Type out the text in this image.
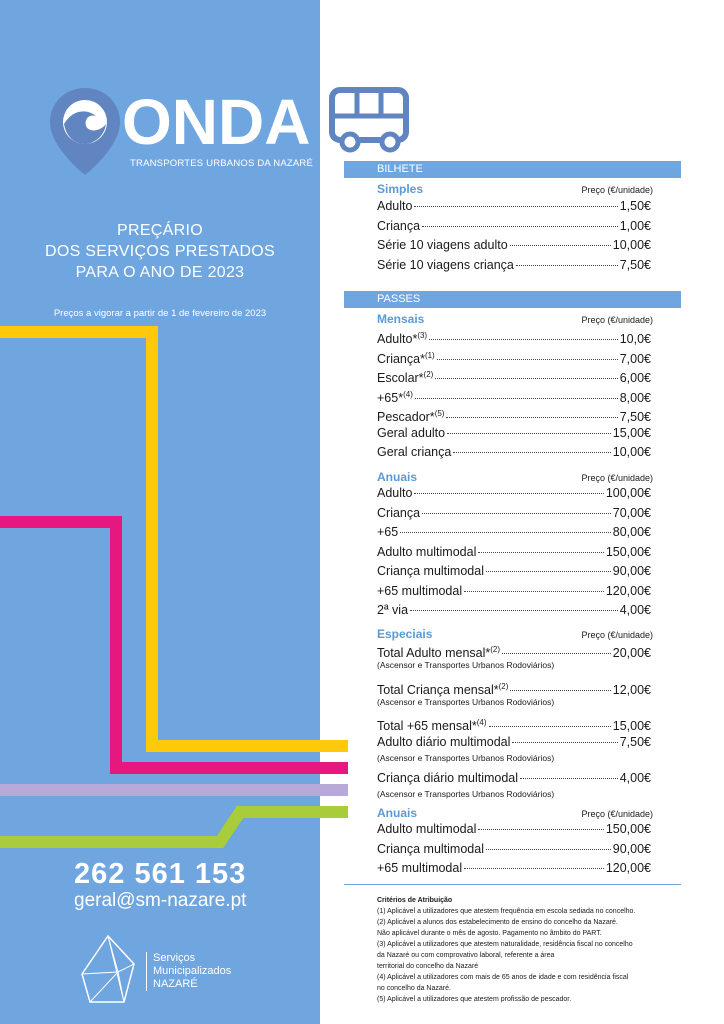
ONDA
TRANSPORTES URBANOS DA NAZARÉ
PREÇÁRIO
DOS SERVIÇOS PRESTADOS
PARA O ANO DE 2023
Preços a vigorar a partir de 1 de fevereiro de 2023
262 561 153
geral@sm-nazare.pt
Serviços
Municipalizados
NAZARÉ
BILHETE
Simples	Preço (€/unidade)
Adulto	1,50€
Criança	1,00€
Série 10 viagens adulto	10,00€
Série 10 viagens criança	7,50€
PASSES
Mensais	Preço (€/unidade)
Adulto*$^{(3)}$	10,0€
Criança*$^{(1)}$	7,00€
Escolar*$^{(2)}$	6,00€
+65*$^{(4)}$	8,00€
Pescador*$^{(5)}$	7,50€
Geral adulto	15,00€
Geral criança	10,00€
Anuais	Preço (€/unidade)
Adulto	100,00€
Criança	70,00€
+65	80,00€
Adulto multimodal	150,00€
Criança multimodal	90,00€
+65 multimodal	120,00€
2ª via	4,00€
Especiais	Preço (€/unidade)
Total Adulto mensal*$^{(2)}$	20,00€
(Ascensor e Transportes Urbanos Rodoviários)
Total Criança mensal*$^{(2)}$	12,00€
(Ascensor e Transportes Urbanos Rodoviários)
Total +65 mensal*$^{(4)}$	15,00€
Adulto diário multimodal	7,50€
(Ascensor e Transportes Urbanos Rodoviários)
Criança diário multimodal	4,00€
(Ascensor e Transportes Urbanos Rodoviários)
Anuais	Preço (€/unidade)
Adulto multimodal	150,00€
Criança multimodal	90,00€
+65 multimodal	120,00€
Critérios de Atribuição
(1) Aplicável a utilizadores que atestem frequência em escola sediada no concelho.
(2) Aplicável a alunos dos estabelecimento de ensino do concelho da Nazaré.
Não aplicável durante o mês de agosto. Pagamento no âmbito do PART.
(3) Aplicável a utilizadores que atestem naturalidade, residência fiscal no concelho
da Nazaré ou com comprovativo laboral, referente a área
territorial do concelho da Nazaré
(4) Aplicável a utilizadores com mais de 65 anos de idade e com residência fiscal
no concelho da Nazaré.
(5) Aplicável a utilizadores que atestem profissão de pescador.
